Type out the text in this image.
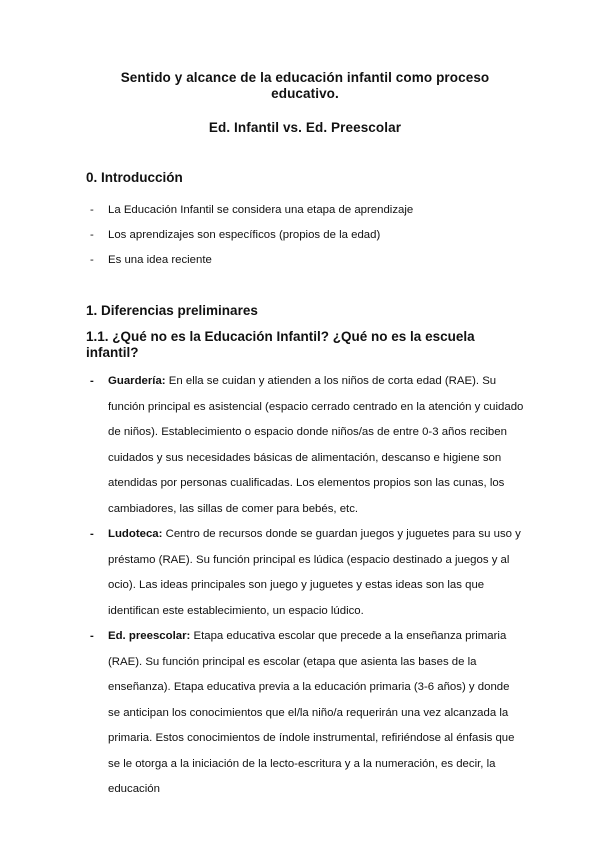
Sentido y alcance de la educación infantil como proceso educativo.

Ed. Infantil vs. Ed. Preescolar

0. Introducción

- La Educación Infantil se considera una etapa de aprendizaje
- Los aprendizajes son específicos (propios de la edad)
- Es una idea reciente

1. Diferencias preliminares

1.1. ¿Qué no es la Educación Infantil? ¿Qué no es la escuela infantil?

- Guardería: En ella se cuidan y atienden a los niños de corta edad (RAE). Su función principal es asistencial (espacio cerrado centrado en la atención y cuidado de niños). Establecimiento o espacio donde niños/as de entre 0-3 años reciben cuidados y sus necesidades básicas de alimentación, descanso e higiene son atendidas por personas cualificadas. Los elementos propios son las cunas, los cambiadores, las sillas de comer para bebés, etc.
- Ludoteca: Centro de recursos donde se guardan juegos y juguetes para su uso y préstamo (RAE). Su función principal es lúdica (espacio destinado a juegos y al ocio). Las ideas principales son juego y juguetes y estas ideas son las que identifican este establecimiento, un espacio lúdico.
- Ed. preescolar: Etapa educativa escolar que precede a la enseñanza primaria (RAE). Su función principal es escolar (etapa que asienta las bases de la enseñanza). Etapa educativa previa a la educación primaria (3-6 años) y donde se anticipan los conocimientos que el/la niño/a requerirán una vez alcanzada la primaria. Estos conocimientos de índole instrumental, refiriéndose al énfasis que se le otorga a la iniciación de la lecto-escritura y a la numeración, es decir, la educación
